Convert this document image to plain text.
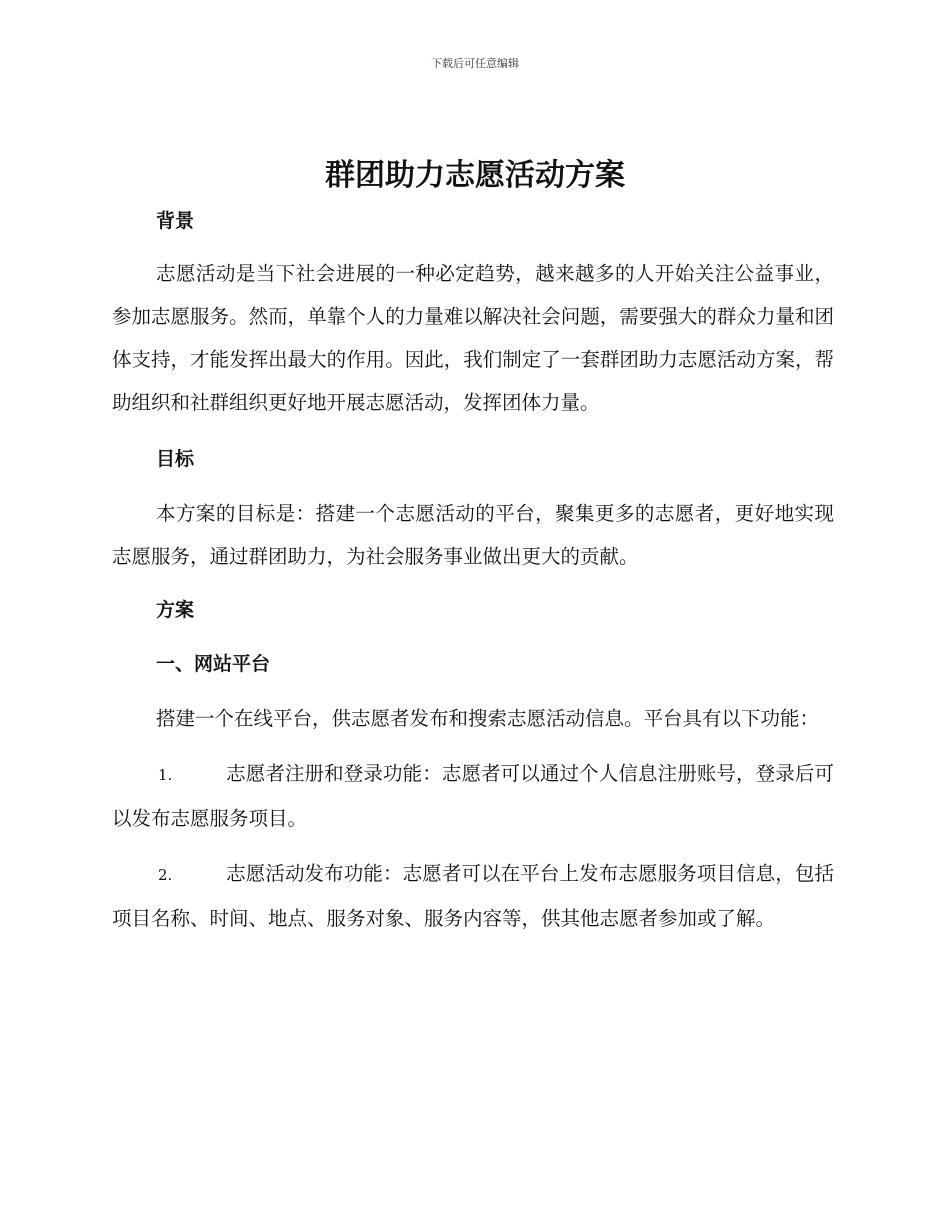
下载后可任意编辑
群团助力志愿活动方案

背景

志愿活动是当下社会进展的一种必定趋势，越来越多的人开始关注公益事业，参加志愿服务。然而，单靠个人的力量难以解决社会问题，需要强大的群众力量和团体支持，才能发挥出最大的作用。因此，我们制定了一套群团助力志愿活动方案，帮助组织和社群组织更好地开展志愿活动，发挥团体力量。

目标

本方案的目标是：搭建一个志愿活动的平台，聚集更多的志愿者，更好地实现志愿服务，通过群团助力，为社会服务事业做出更大的贡献。

方案

一、网站平台

搭建一个在线平台，供志愿者发布和搜索志愿活动信息。平台具有以下功能：

1.	志愿者注册和登录功能：志愿者可以通过个人信息注册账号，登录后可以发布志愿服务项目。

2.	志愿活动发布功能：志愿者可以在平台上发布志愿服务项目信息，包括项目名称、时间、地点、服务对象、服务内容等，供其他志愿者参加或了解。
